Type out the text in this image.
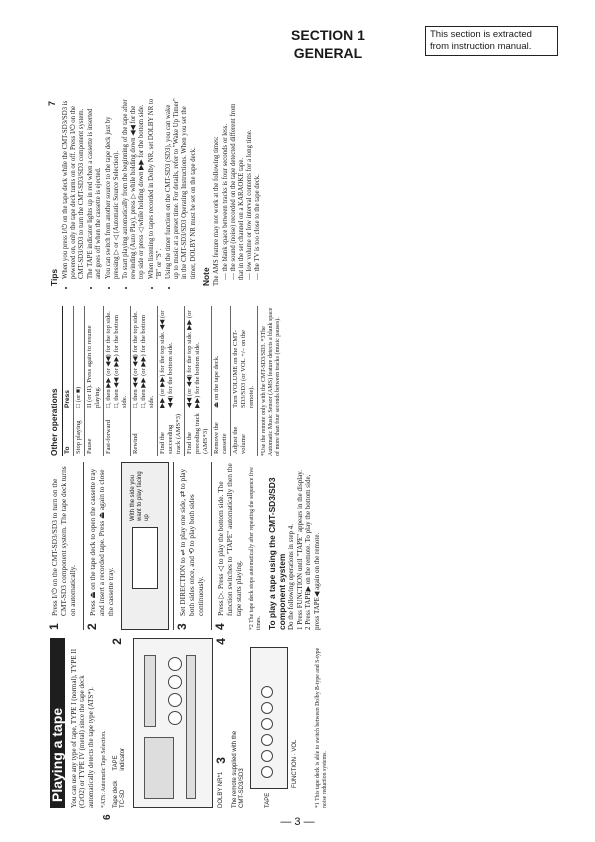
SECTION 1
GENERAL
This section is extracted from instruction manual.
Playing a tape
6

You can use any type of tape, TYPE I (normal), TYPE II (CrO2) or TYPE IV (metal) since the tape deck automatically detects the tape type (ATS*). *ATS: Automatic Tape Selection. Tape deck
TC-SD
TAPE indicator
2
DOLBY NR*1
3
4
The remote supplied with the CMT-SD3/SD3	TAPE
FUNCTION · VOL	*1 This tape deck is able to switch between Dolby B-type and S-type noise reduction systems.
1
Press I/⏻ on the CMT-SD3/SD3 to turn on the CMT-SD3 component system. The tape deck turns on automatically.
2
Press ⏏ on the tape deck to open the cassette tray and insert a recorded tape. Press ⏏ again to close the cassette tray.
With the side you want to play facing up
3
Set DIRECTION to ⇌ to play one side, ⇄ to play both sides once, and ⟲ to play both sides continuously.
4
Press ▷. Press ◁ to play the bottom side. The function switches to "TAPE" automatically then the tape starts playing. *2 The tape deck stops automatically after repeating the sequence five times. To play a tape using the CMT-SD3/SD3 component system Do the following operations in step 4. 1 Press FUNCTION until "TAPE" appears in the display. 2 Press TAPE▶ on the remote. To play the bottom side, press TAPE◀ again on the remote.
Other operations To	Press
Stop playing	□ (or ■)
Pause	II (or II). Press again to resume playing.
Fast-forward	□, then ▶▶ (or ◀◀) for the top side. □, then ◀◀ (or ▶▶) for the bottom side.
Rewind	□, then ◀◀ (or ◀◀) for the top side. □, then ▶▶ (or ▶▶) for the bottom side.
Find the succeeding track (AMS*3)	▶▶ (or ▶▶) for the top side. ◀◀ (or ◀◀) for the bottom side.
Find the preceding track (AMS*3)	◀◀ (or ◀◀) for the top side. ▶▶ (or ▶▶) for the bottom side.
Remove the cassette	⏏ on the tape deck.
Adjust the volume	Turn VOLUME on the CMT-SD3/SD3 (or VOL +/– on the remote). *Use the remote only with the CMT-SD3/SD3. *3The Automatic Music Sensor (AMS) feature detects a blank space of more than four seconds between tracks (music pauses).
7
Tips • When you press I/⏻ on the tape deck while the CMT-SD3/SD3 is powered on, only the tape deck turns on or off. Press I/⏻ on the CMT-SD3/SD3 to turn the CMT-SD3/SD3 component system. • The TAPE indicator lights up in red when a cassette is inserted and goes off when the cassette is ejected. • You can switch from another source to the tape deck just by pressing ▷ or ◁ (Automatic Source Selection). • To start playing automatically from the beginning of the tape after rewinding (Auto Play), press ▷ while holding down ◀◀ for the top side or press ◁ while holding down ▶▶ for the bottom side. • When listening to tapes recorded in Dolby NR, set DOLBY NR to "B" or "S". • Using the timer function on the CMT-SD3 (SD3), you can wake up to music at a preset time. For details, refer to "Wake Up Timer" in the CMT-SD3/SD3 Operating Instructions. When you set the timer, DOLBY NR must be set on the tape deck. Note The AMS feature may not work at the following times: — the blank space between tracks is four seconds or less. — the sound (noise) recorded on the tape detected different from that in the set channel on a KARAOKE tape. — low volume or low interval contents for a long time. — the TV is too close to the tape deck.
— 3 —
